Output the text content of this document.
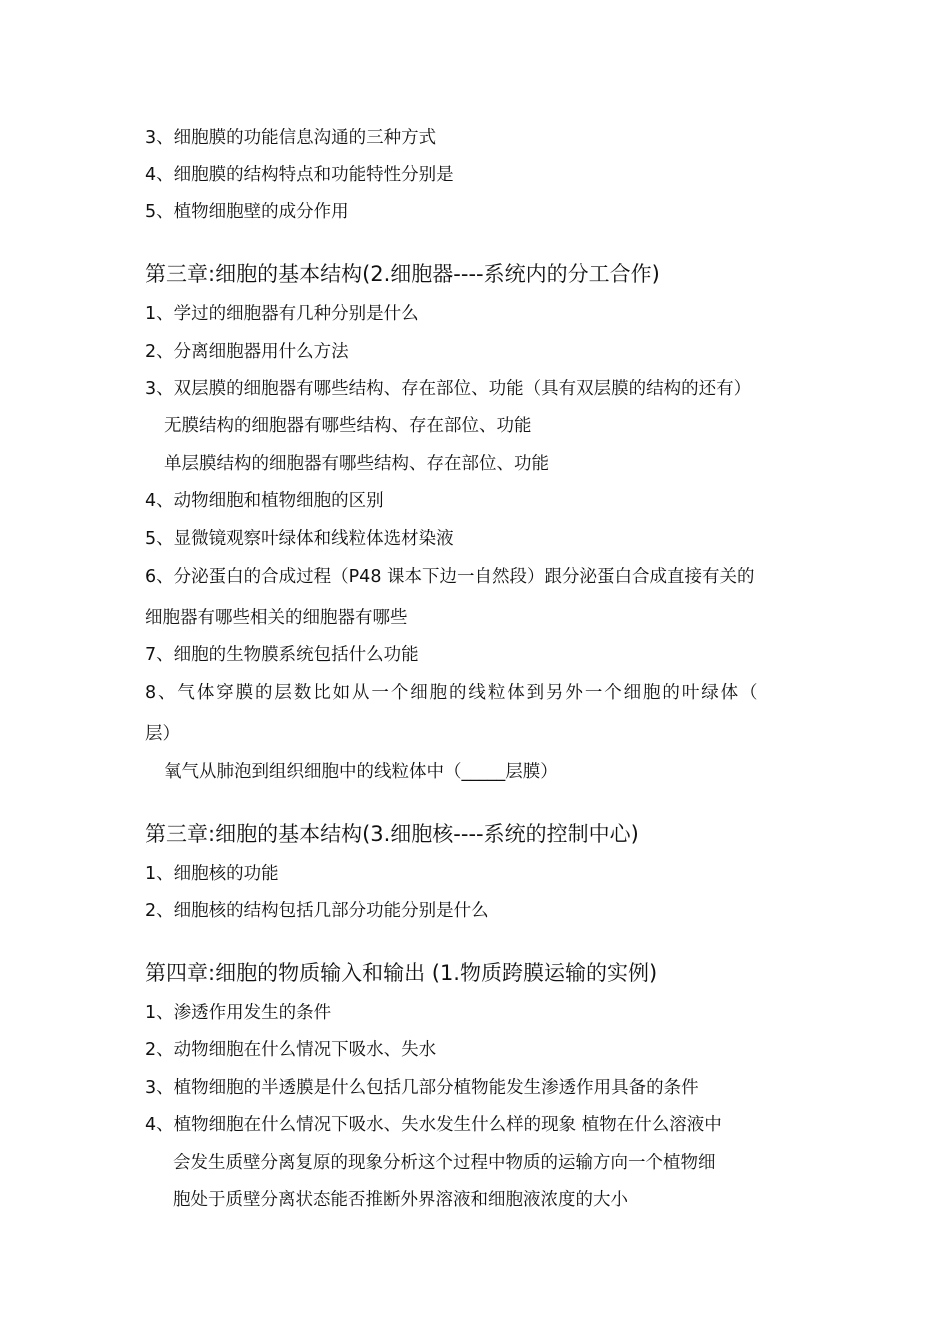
3、细胞膜的功能信息沟通的三种方式
4、细胞膜的结构特点和功能特性分别是
5、植物细胞壁的成分作用
第三章:细胞的基本结构(2.细胞器----系统内的分工合作)
1、学过的细胞器有几种分别是什么
2、分离细胞器用什么方法
3、双层膜的细胞器有哪些结构、存在部位、功能（具有双层膜的结构的还有）
无膜结构的细胞器有哪些结构、存在部位、功能
单层膜结构的细胞器有哪些结构、存在部位、功能
4、动物细胞和植物细胞的区别
5、显微镜观察叶绿体和线粒体选材染液
6、分泌蛋白的合成过程（P48 课本下边一自然段）跟分泌蛋白合成直接有关的
细胞器有哪些相关的细胞器有哪些
7、细胞的生物膜系统包括什么功能
8、气体穿膜的层数比如从一个细胞的线粒体到另外一个细胞的叶绿体（
层）
氧气从肺泡到组织细胞中的线粒体中（_____层膜）
第三章:细胞的基本结构(3.细胞核----系统的控制中心)
1、细胞核的功能
2、细胞核的结构包括几部分功能分别是什么
第四章:细胞的物质输入和输出 (1.物质跨膜运输的实例)
1、渗透作用发生的条件
2、动物细胞在什么情况下吸水、失水
3、植物细胞的半透膜是什么包括几部分植物能发生渗透作用具备的条件
4、植物细胞在什么情况下吸水、失水发生什么样的现象 植物在什么溶液中
会发生质壁分离复原的现象分析这个过程中物质的运输方向一个植物细
胞处于质壁分离状态能否推断外界溶液和细胞液浓度的大小
